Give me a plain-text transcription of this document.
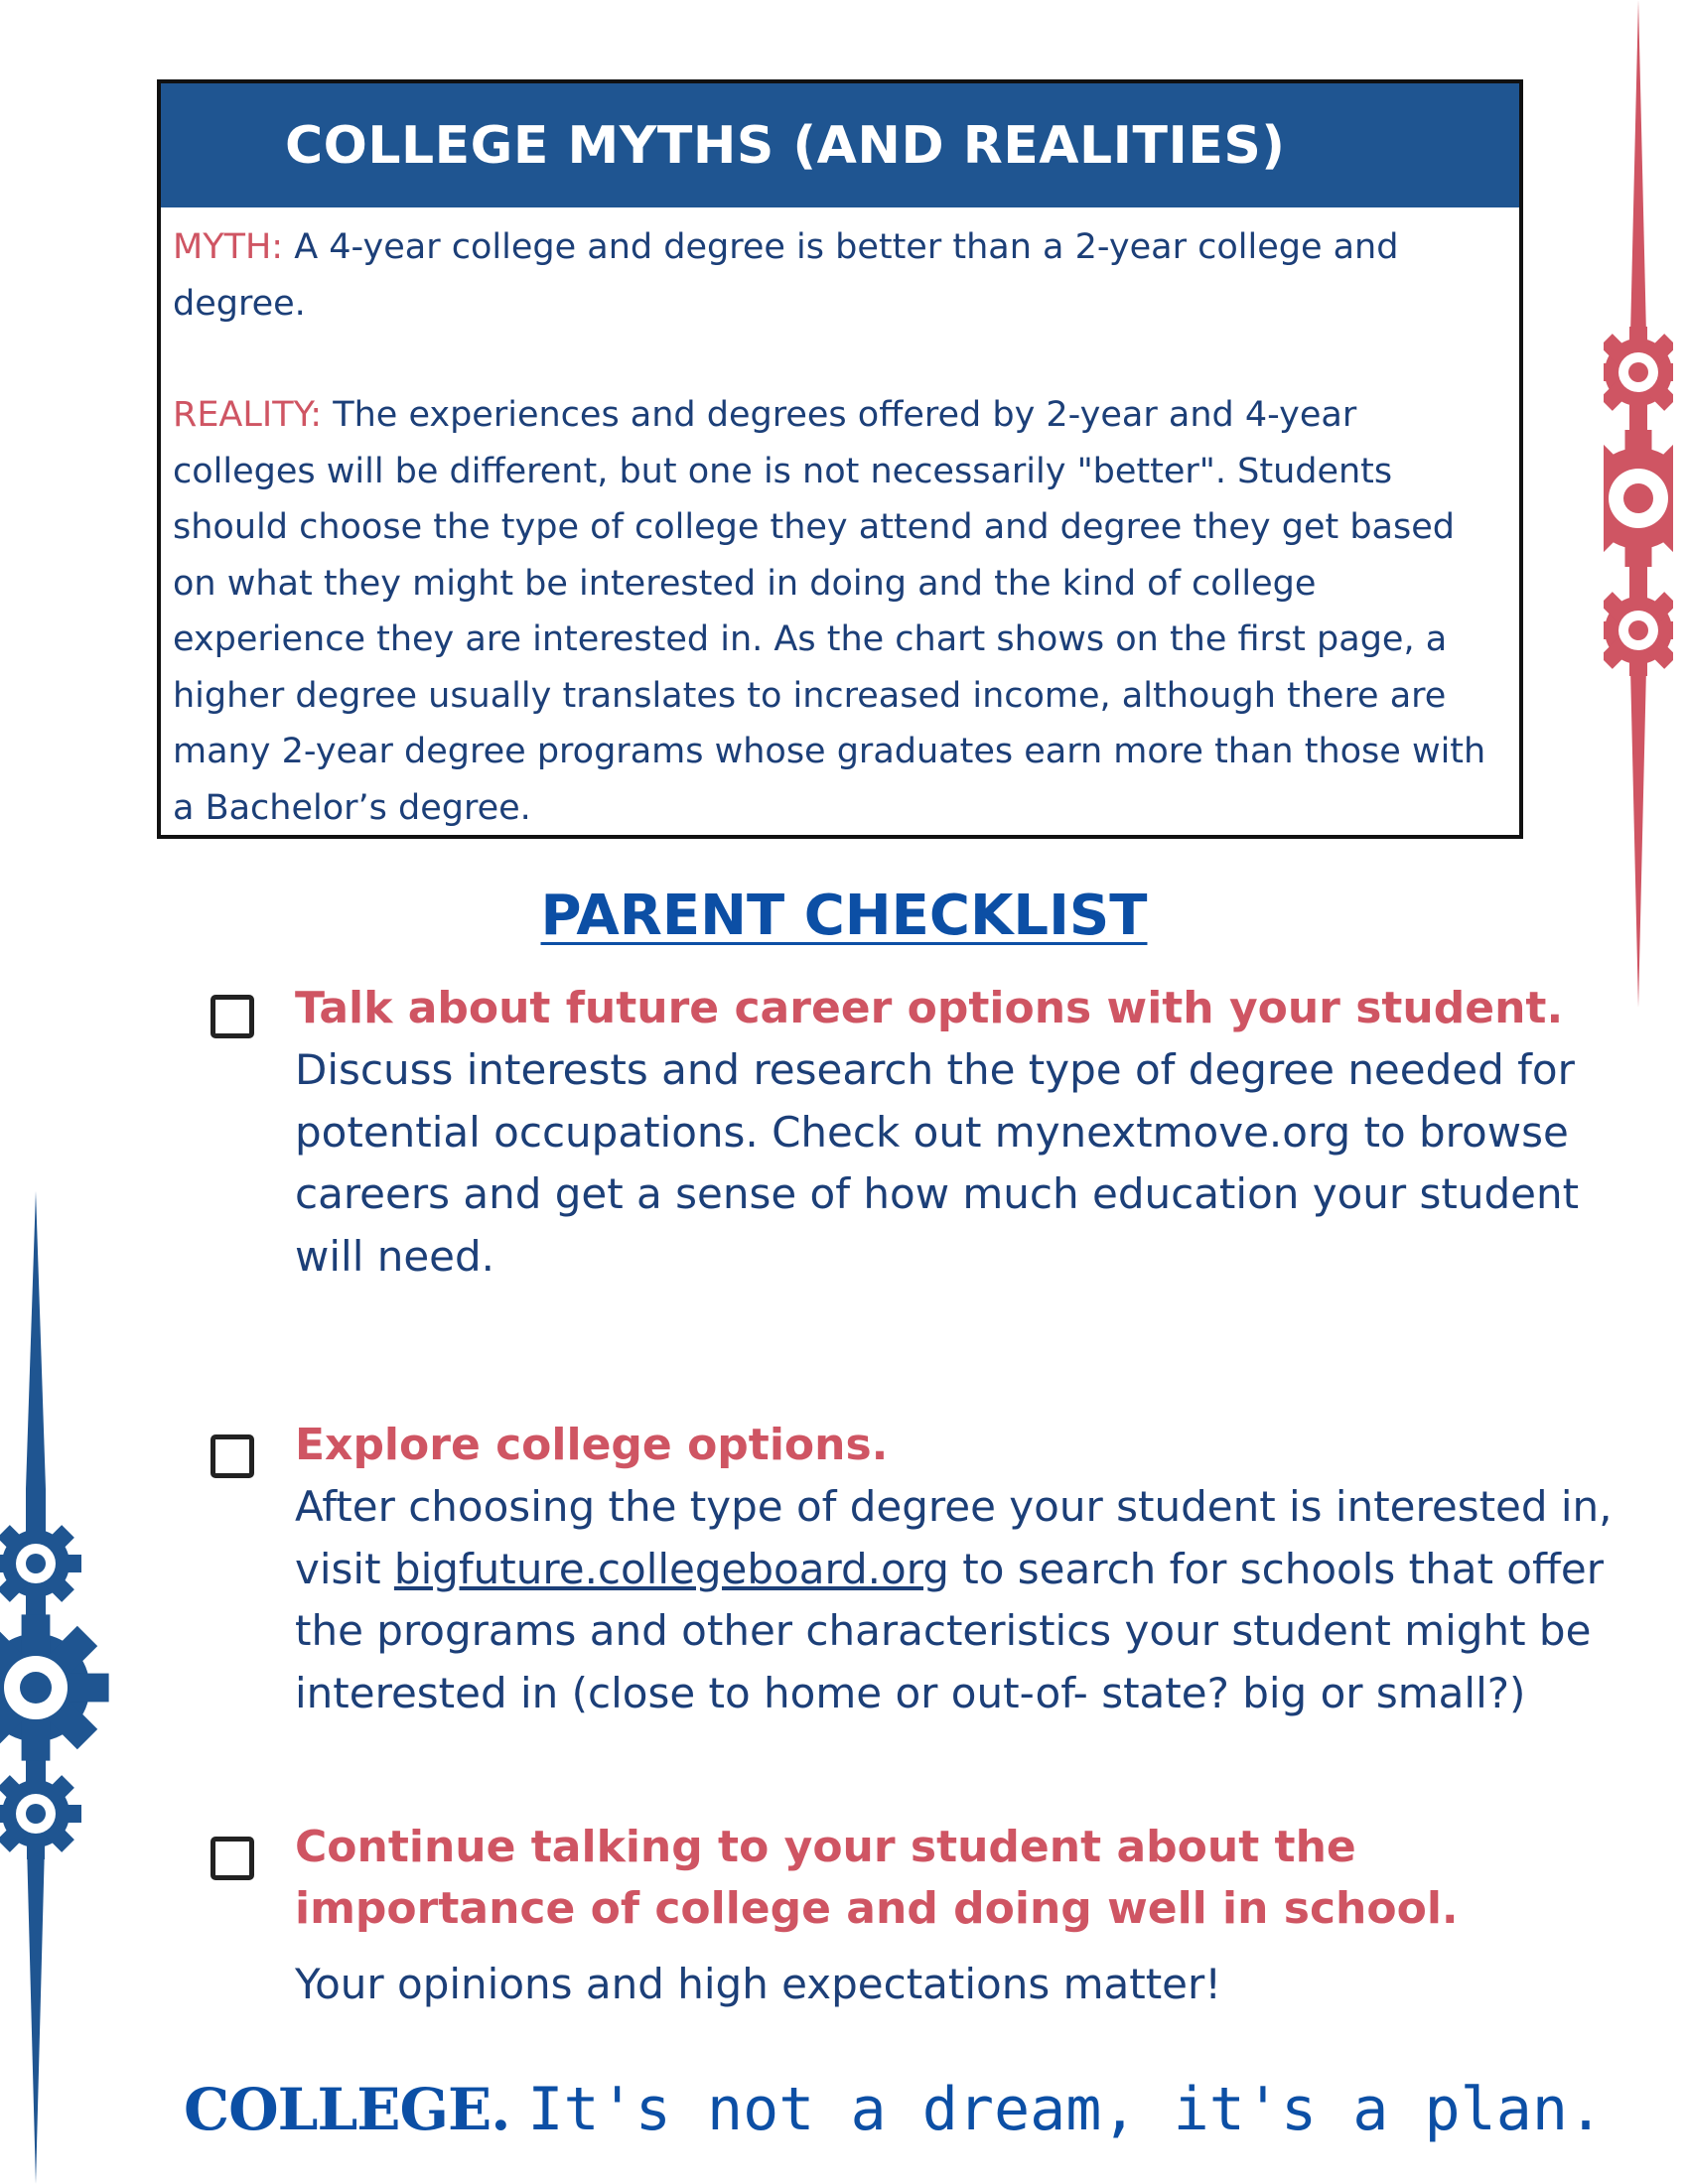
COLLEGE MYTHS (AND REALITIES)

MYTH: A 4-year college and degree is better than a 2-year college and degree.

REALITY: The experiences and degrees offered by 2-year and 4-year colleges will be different, but one is not necessarily "better". Students should choose the type of college they attend and degree they get based on what they might be interested in doing and the kind of college experience they are interested in. As the chart shows on the first page, a higher degree usually translates to increased income, although there are many 2-year degree programs whose graduates earn more than those with a Bachelor’s degree.

PARENT CHECKLIST

Talk about future career options with your student.

Discuss interests and research the type of degree needed for potential occupations. Check out mynextmove.org to browse careers and get a sense of how much education your student will need.

Explore college options.

After choosing the type of degree your student is interested in, visit bigfuture.collegeboard.org to search for schools that offer the programs and other characteristics your student might be interested in (close to home or out-of- state? big or small?)

Continue talking to your student about the importance of college and doing well in school.

Your opinions and high expectations matter!

COLLEGE. It's not a dream, it's a plan.
